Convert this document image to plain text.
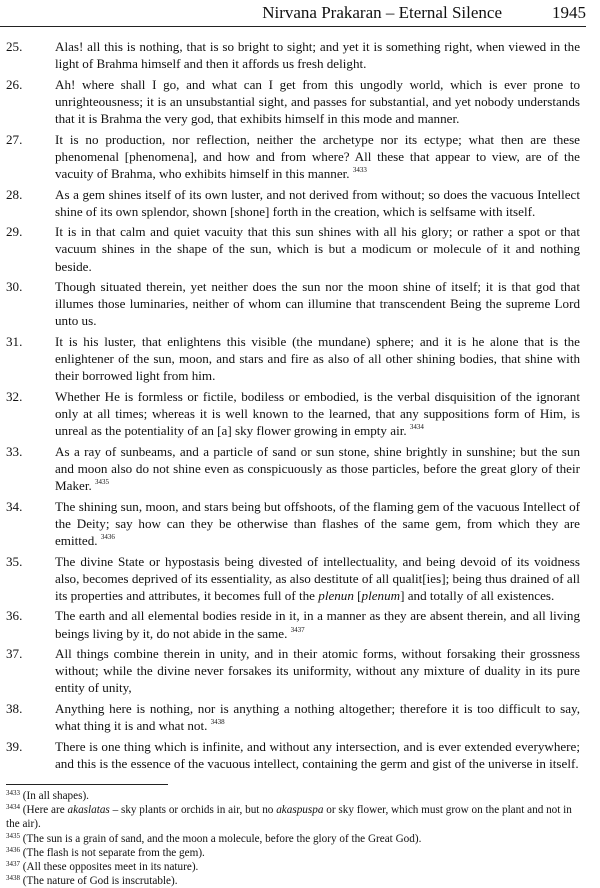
Nirvana Prakaran – Eternal Silence	1945
25. Alas! all this is nothing, that is so bright to sight; and yet it is something right, when viewed in the light of Brahma himself and then it affords us fresh delight.
26. Ah! where shall I go, and what can I get from this ungodly world, which is ever prone to unrighteousness; it is an unsubstantial sight, and passes for substantial, and yet nobody understands that it is Brahma the very god, that exhibits himself in this mode and manner.
27. It is no production, nor reflection, neither the archetype nor its ectype; what then are these phenomenal [phenomena], and how and from where? All these that appear to view, are of the vacuity of Brahma, who exhibits himself in this manner. $^{3433}$
28. As a gem shines itself of its own luster, and not derived from without; so does the vacuous Intellect shine of its own splendor, shown [shone] forth in the creation, which is selfsame with itself.
29. It is in that calm and quiet vacuity that this sun shines with all his glory; or rather a spot or that vacuum shines in the shape of the sun, which is but a modicum or molecule of it and nothing beside.
30. Though situated therein, yet neither does the sun nor the moon shine of itself; it is that god that illumes those luminaries, neither of whom can illumine that transcendent Being the supreme Lord unto us.
31. It is his luster, that enlightens this visible (the mundane) sphere; and it is he alone that is the enlightener of the sun, moon, and stars and fire as also of all other shining bodies, that shine with their borrowed light from him.
32. Whether He is formless or fictile, bodiless or embodied, is the verbal disquisition of the ignorant only at all times; whereas it is well known to the learned, that any suppositions form of Him, is unreal as the potentiality of an [a] sky flower growing in empty air. $^{3434}$
33. As a ray of sunbeams, and a particle of sand or sun stone, shine brightly in sunshine; but the sun and moon also do not shine even as conspicuously as those particles, before the great glory of their Maker. $^{3435}$
34. The shining sun, moon, and stars being but offshoots, of the flaming gem of the vacuous Intellect of the Deity; say how can they be otherwise than flashes of the same gem, from which they are emitted. $^{3436}$
35. The divine State or hypostasis being divested of intellectuality, and being devoid of its voidness also, becomes deprived of its essentiality, as also destitute of all qualit[ies]; being thus drained of all its properties and attributes, it becomes full of the plenun [plenum] and totally of all existences.
36. The earth and all elemental bodies reside in it, in a manner as they are absent therein, and all living beings living by it, do not abide in the same. $^{3437}$
37. All things combine therein in unity, and in their atomic forms, without forsaking their grossness without; while the divine never forsakes its uniformity, without any mixture of duality in its pure entity of unity,
38. Anything here is nothing, nor is anything a nothing altogether; therefore it is too difficult to say, what thing it is and what not. $^{3438}$
39. There is one thing which is infinite, and without any intersection, and is ever extended everywhere; and this is the essence of the vacuous intellect, containing the germ and gist of the universe in itself.
$^{3433}$ (In all shapes).
$^{3434}$ (Here are akaslatas – sky plants or orchids in air, but no akaspuspa or sky flower, which must grow on the plant and not in the air).
$^{3435}$ (The sun is a grain of sand, and the moon a molecule, before the glory of the Great God).
$^{3436}$ (The flash is not separate from the gem).
$^{3437}$ (All these opposites meet in its nature).
$^{3438}$ (The nature of God is inscrutable).
